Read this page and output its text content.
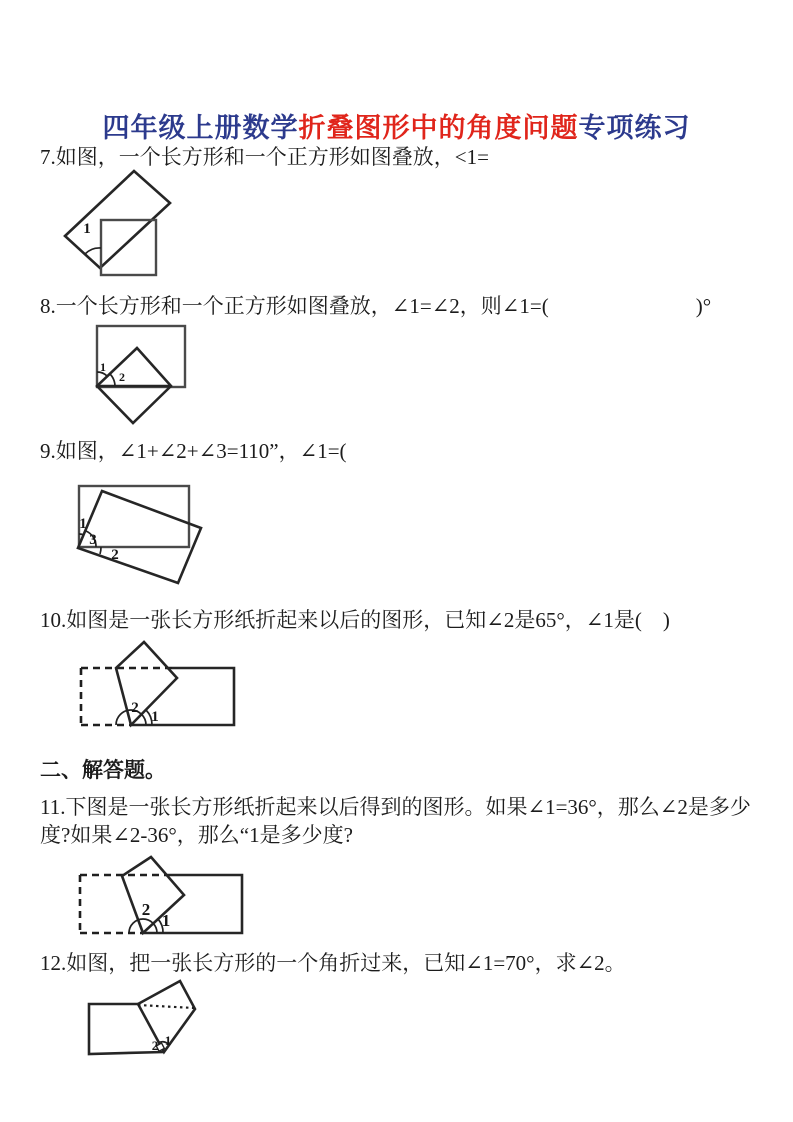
四年级上册数学折叠图形中的角度问题专项练习

7.如图，一个长方形和一个正方形如图叠放，<1=

1

8.一个长方形和一个正方形如图叠放，∠1=∠2，则∠1=(　　　　　　　)°

1
2

9.如图，∠1+∠2+∠3=110”，∠1=(

1
3
2

10.如图是一张长方形纸折起来以后的图形，已知∠2是65°，∠1是(　)

2
1

二、解答题。

11.下图是一张长方形纸折起来以后得到的图形。如果∠1=36°，那么∠2是多少

度?如果∠2-36°，那么“1是多少度?

2
1

12.如图，把一张长方形的一个角折过来，已知∠1=70°，求∠2。

2 1
